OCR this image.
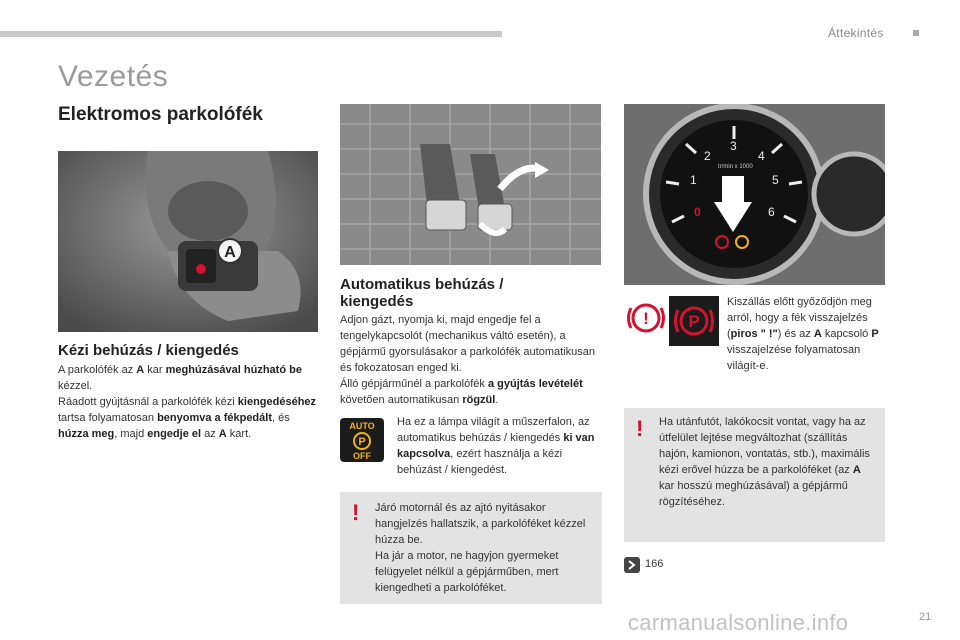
Áttekintés
Vezetés
Elektromos parkolófék
A
0
1
2
3
4
5
6
tr/min x 1000
Kézi behúzás / kiengedés

A parkolófék az A kar meghúzásával húzható be kézzel.
Ráadott gyújtásnál a parkolófék kézi kiengedéséhez tartsa folyamatosan benyomva a fékpedált, és húzza meg, majd engedje el az A kart.

Automatikus behúzás / kiengedés

Adjon gázt, nyomja ki, majd engedje fel a tengelykapcsolót (mechanikus váltó esetén), a gépjármű gyorsulásakor a parkolófék automatikusan és fokozatosan enged ki.
Álló gépjárműnél a parkolófék a gyújtás levételét követően automatikusan rögzül.

AUTO
P
OFF

Ha ez a lámpa világít a műszerfalon, az automatikus behúzás / kiengedés ki van kapcsolva, ezért használja a kézi behúzást / kiengedést.

! Járó motornál és az ajtó nyitásakor hangjelzés hallatszik, a parkolóféket kézzel húzza be.
Ha jár a motor, ne hagyjon gyermeket felügyelet nélkül a gépjárműben, mert kiengedheti a parkolóféket.

! P

Kiszállás előtt győződjön meg arról, hogy a fék visszajelzés (piros " !") és az A kapcsoló P visszajelzése folyamatosan világít-e.

! Ha utánfutót, lakókocsit vontat, vagy ha az útfelület lejtése megváltozhat (szállítás hajón, kamionon, vontatás, stb.), maximális kézi erővel húzza be a parkolóféket (az A kar hosszú meghúzásával) a gépjármű rögzítéséhez.

166
carmanualsonline.info	21
